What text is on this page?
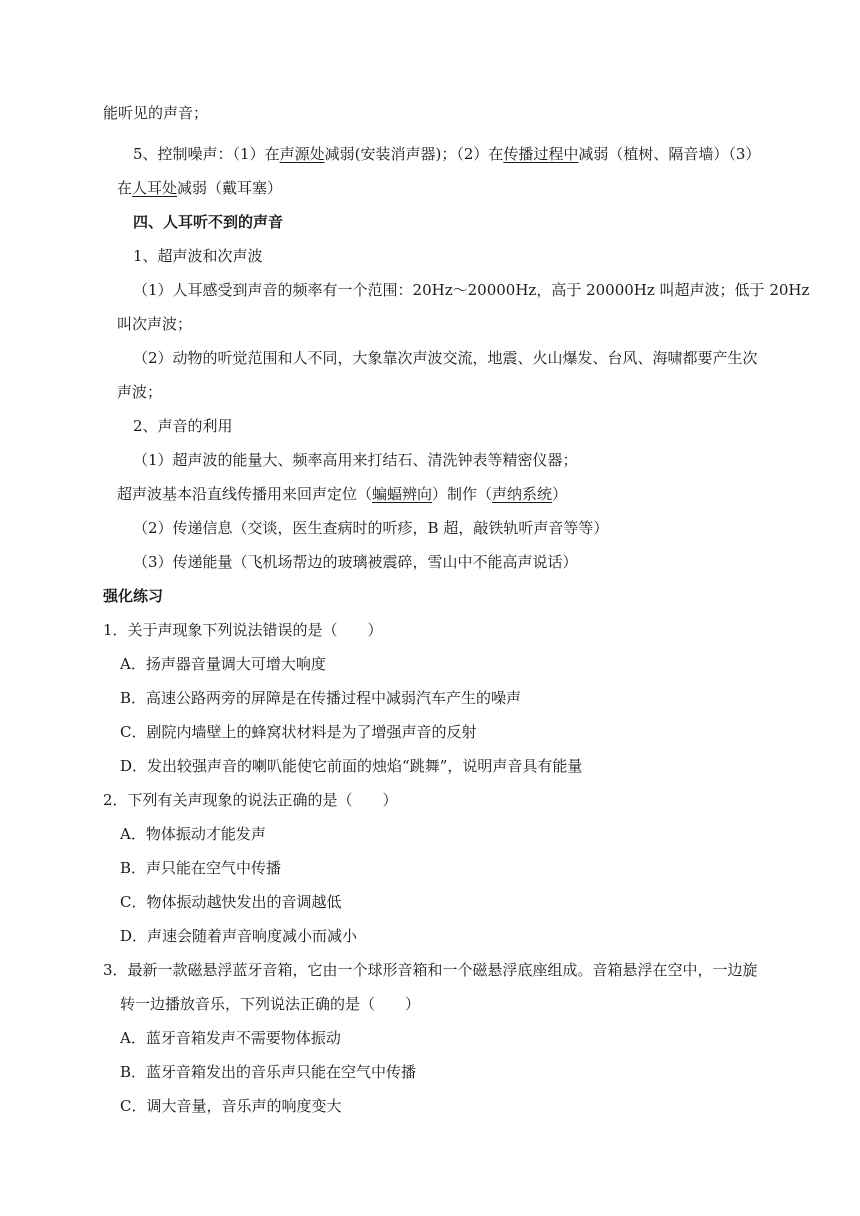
能听见的声音；
5、控制噪声：（1）在声源处减弱(安装消声器)；（2）在传播过程中减弱（植树、隔音墙）（3）
在人耳处减弱（戴耳塞）
四、人耳听不到的声音
1、超声波和次声波
（1）人耳感受到声音的频率有一个范围：20Hz～20000Hz，高于 20000Hz 叫超声波；低于 20Hz
叫次声波；
（2）动物的听觉范围和人不同，大象靠次声波交流，地震、火山爆发、台风、海啸都要产生次
声波；
2、声音的利用
（1）超声波的能量大、频率高用来打结石、清洗钟表等精密仪器；
超声波基本沿直线传播用来回声定位（蝙蝠辨向）制作（声纳系统）
（2）传递信息（交谈，医生查病时的听疹，B 超，敲铁轨听声音等等）
（3）传递能量（飞机场帮边的玻璃被震碎，雪山中不能高声说话）
强化练习
1．关于声现象下列说法错误的是（　　）
A．扬声器音量调大可增大响度
B．高速公路两旁的屏障是在传播过程中减弱汽车产生的噪声
C．剧院内墙壁上的蜂窝状材料是为了增强声音的反射
D．发出较强声音的喇叭能使它前面的烛焰“跳舞”，说明声音具有能量
2．下列有关声现象的说法正确的是（　　）
A．物体振动才能发声
B．声只能在空气中传播
C．物体振动越快发出的音调越低
D．声速会随着声音响度减小而减小
3．最新一款磁悬浮蓝牙音箱，它由一个球形音箱和一个磁悬浮底座组成。音箱悬浮在空中，一边旋
转一边播放音乐，下列说法正确的是（　　）
A．蓝牙音箱发声不需要物体振动
B．蓝牙音箱发出的音乐声只能在空气中传播
C．调大音量，音乐声的响度变大
